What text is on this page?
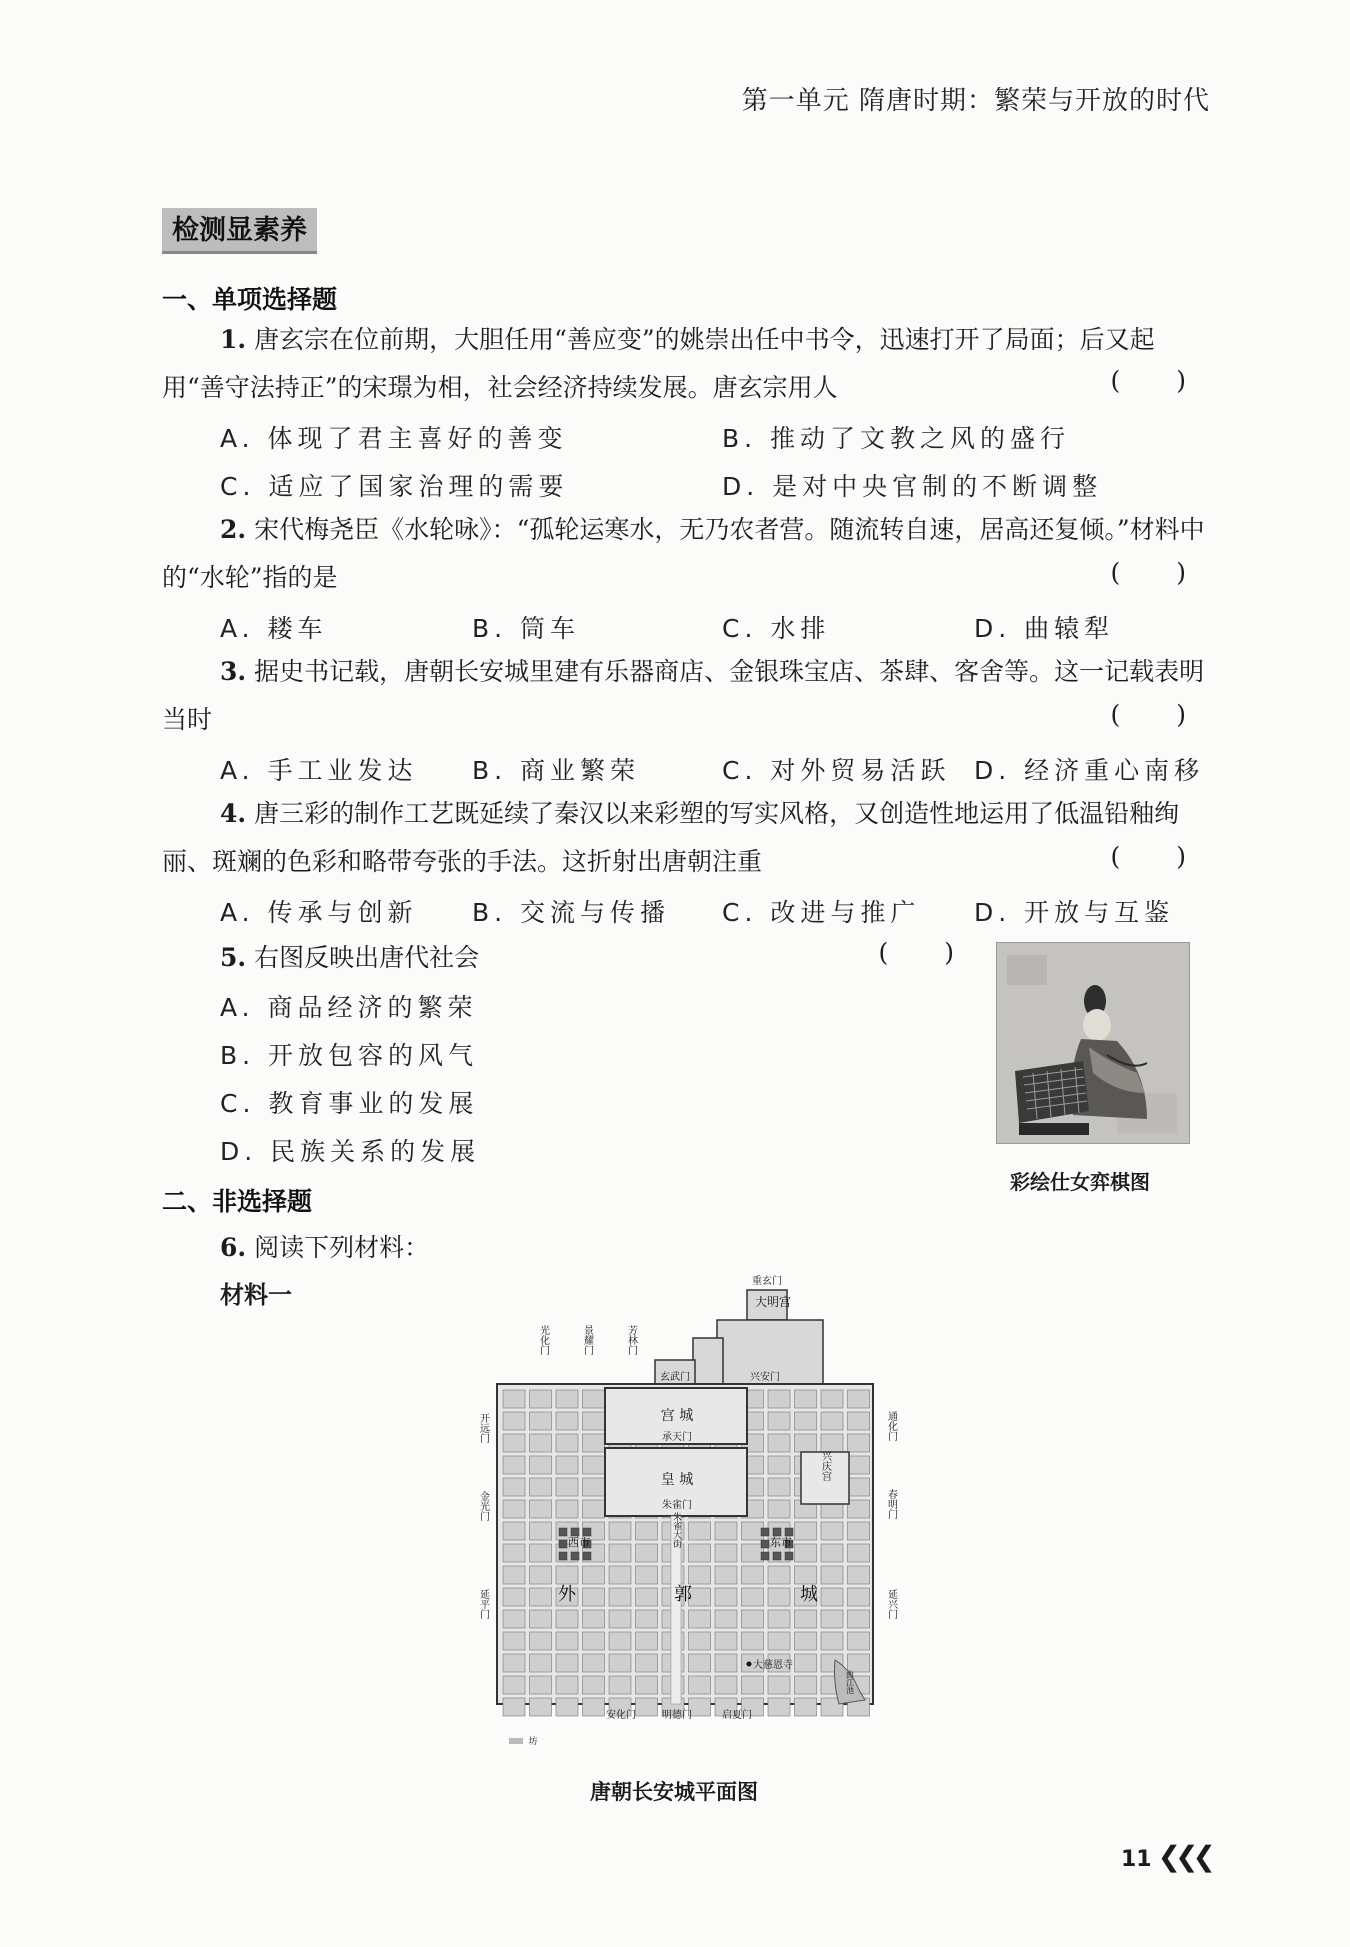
第一单元 隋唐时期：繁荣与开放的时代
检测显素养
一、单项选择题
1. 唐玄宗在位前期，大胆任用“善应变”的姚崇出任中书令，迅速打开了局面；后又起用“善守法持正”的宋璟为相，社会经济持续发展。唐玄宗用人	( )
A. 体现了君主喜好的善变	B. 推动了文教之风的盛行
C. 适应了国家治理的需要	D. 是对中央官制的不断调整
2. 宋代梅尧臣《水轮咏》：“孤轮运寒水，无乃农者营。随流转自速，居高还复倾。”材料中的“水轮”指的是	( )
A. 耧车	B. 筒车	C. 水排	D. 曲辕犁
3. 据史书记载，唐朝长安城里建有乐器商店、金银珠宝店、茶肆、客舍等。这一记载表明当时	( )
A. 手工业发达 B. 商业繁荣	C. 对外贸易活跃 D. 经济重心南移
4. 唐三彩的制作工艺既延续了秦汉以来彩塑的写实风格，又创造性地运用了低温铅釉绚丽、斑斓的色彩和略带夸张的手法。这折射出唐朝注重	( )
A. 传承与创新 B. 交流与传播 C. 改进与推广 D. 开放与互鉴
5. 右图反映出唐代社会	( )
A. 商品经济的繁荣
B. 开放包容的风气
C. 教育事业的发展
D. 民族关系的发展
彩绘仕女弈棋图
二、非选择题
6. 阅读下列材料：
材料一	重玄门
大明宫
玄武门	兴安门
光化门	景耀门	芳林门
宫 城
承天门
皇 城
朱雀门
开远门
金光门
延平门
通化门
春明门
延兴门
兴庆宫
西市	东市
外	郭	城
朱雀大街
大慈恩寺
安化门	明德门	启夏门
曲江池
坊
唐朝长安城平面图
11 ❮❮❮
